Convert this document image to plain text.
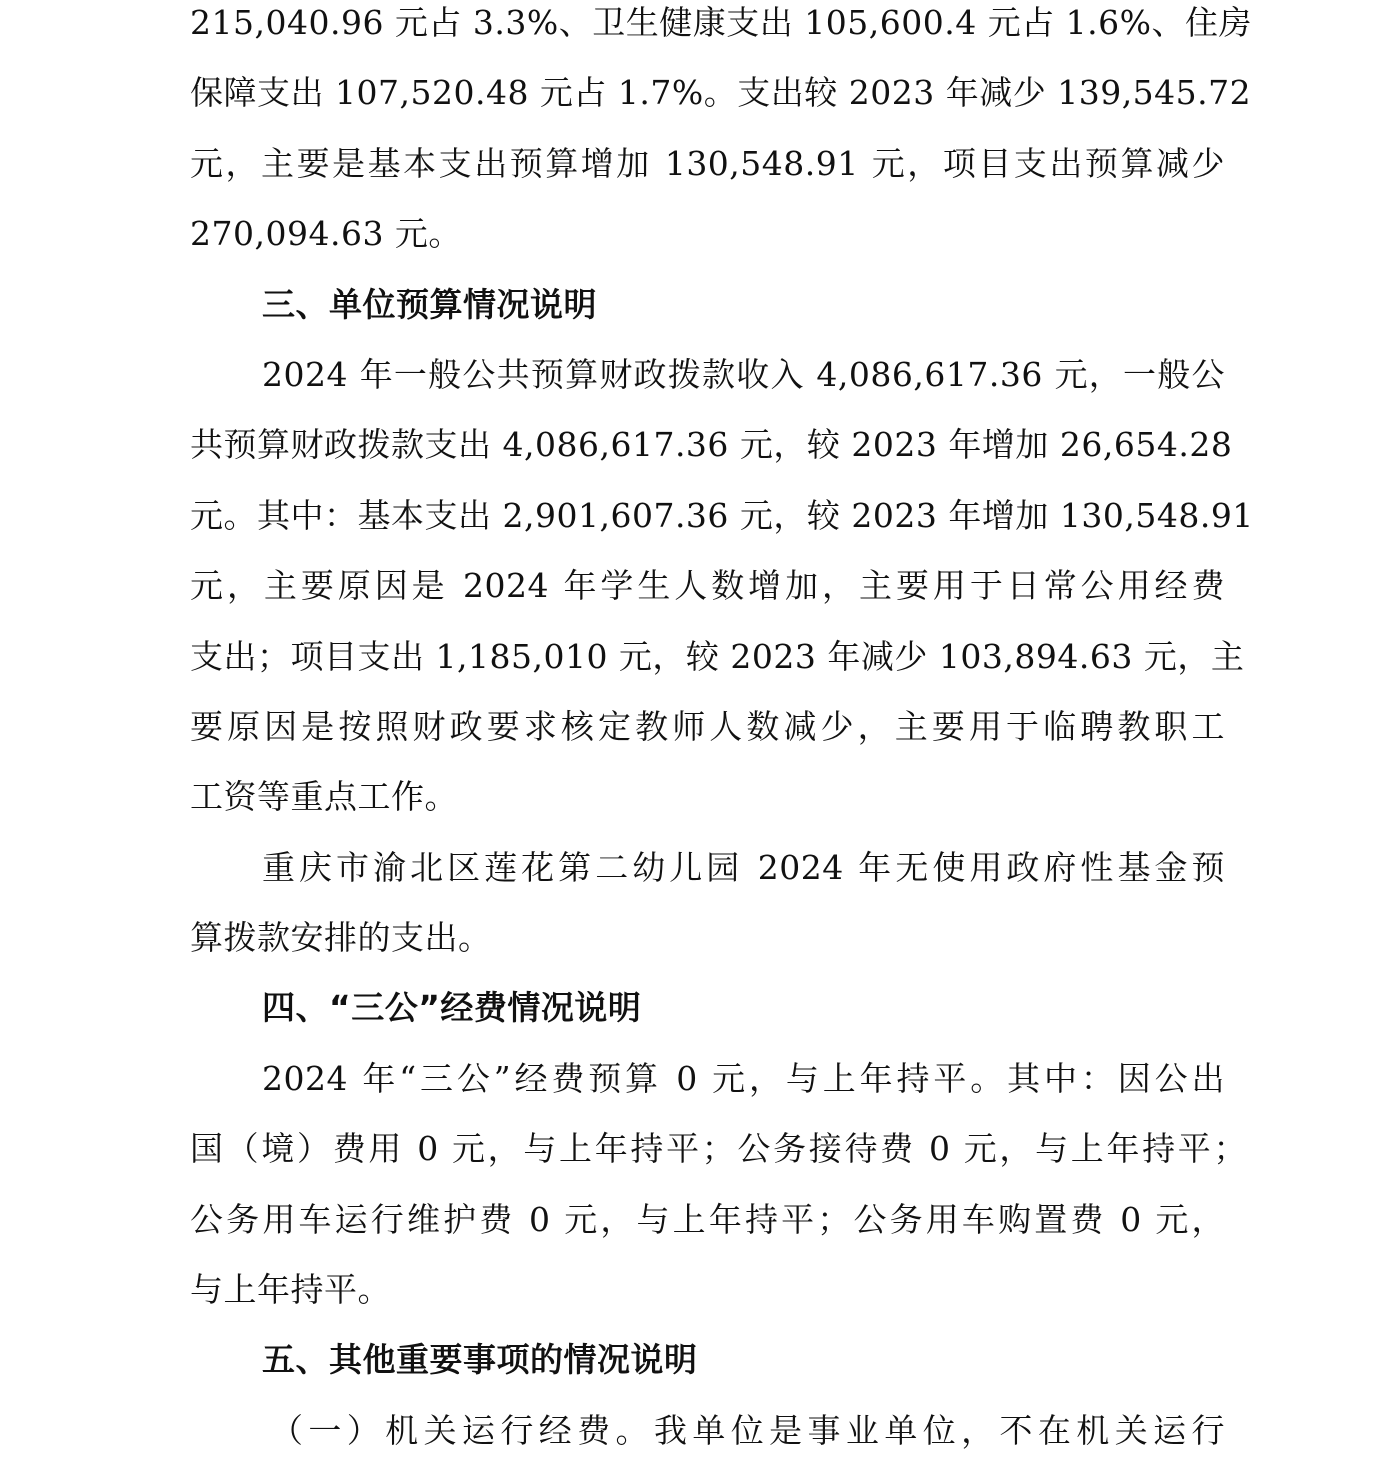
215,040.96 元占 3.3%、卫生健康支出 105,600.4 元占 1.6%、住房
保障支出 107,520.48 元占 1.7%。支出较 2023 年减少 139,545.72
元，主要是基本支出预算增加 130,548.91 元，项目支出预算减少
270,094.63 元。
三、单位预算情况说明
2024 年一般公共预算财政拨款收入 4,086,617.36 元，一般公
共预算财政拨款支出 4,086,617.36 元，较 2023 年增加 26,654.28
元。其中：基本支出 2,901,607.36 元，较 2023 年增加 130,548.91
元，主要原因是 2024 年学生人数增加，主要用于日常公用经费
支出；项目支出 1,185,010 元，较 2023 年减少 103,894.63 元，主
要原因是按照财政要求核定教师人数减少，主要用于临聘教职工
工资等重点工作。
重庆市渝北区莲花第二幼儿园 2024 年无使用政府性基金预
算拨款安排的支出。
四、“三公”经费情况说明
2024 年“三公”经费预算 0 元，与上年持平。其中：因公出
国（境）费用 0 元，与上年持平；公务接待费 0 元，与上年持平；
公务用车运行维护费 0 元，与上年持平；公务用车购置费 0 元，
与上年持平。
五、其他重要事项的情况说明
（一）机关运行经费。我单位是事业单位，不在机关运行
